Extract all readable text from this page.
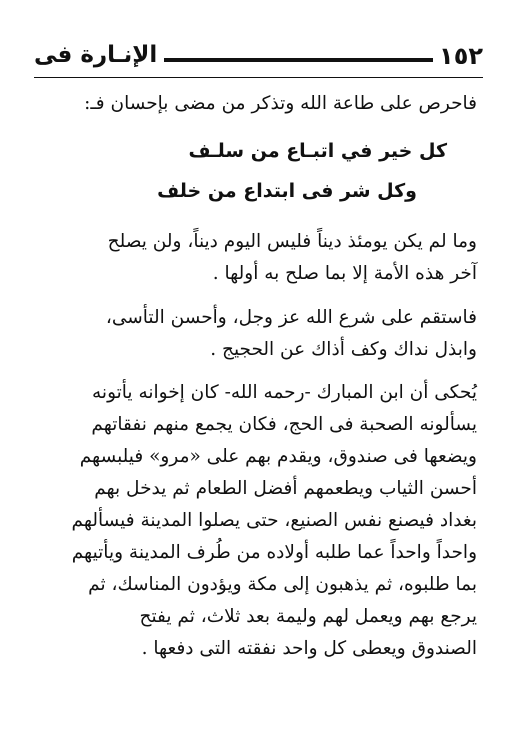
١٥٢
الإنـارة فى
فاحرص على طاعة الله وتذكر من مضى بإحسان فـ:
كل خير في اتبـاع من سلـف
وكل شر فى ابتداع من خلف
وما لم يكن يومئذ ديناً فليس اليوم ديناً، ولن يصلح
آخر هذه الأمة إلا بما صلح به أولها .
فاستقم على شرع الله عز وجل، وأحسن التأسى،
وابذل نداك وكف أذاك عن الحجيج .
يُحكى أن ابن المبارك -رحمه الله- كان إخوانه يأتونه
يسألونه الصحبة فى الحج، فكان يجمع منهم نفقاتهم
ويضعها فى صندوق، ويقدم بهم على «مرو» فيلبسهم
أحسن الثياب ويطعمهم أفضل الطعام ثم يدخل بهم
بغداد فيصنع نفس الصنيع، حتى يصلوا المدينة فيسألهم
واحداً واحداً عما طلبه أولاده من طُرف المدينة ويأتيهم
بما طلبوه، ثم يذهبون إلى مكة ويؤدون المناسك، ثم
يرجع بهم ويعمل لهم وليمة بعد ثلاث، ثم يفتح
الصندوق ويعطى كل واحد نفقته التى دفعها .
